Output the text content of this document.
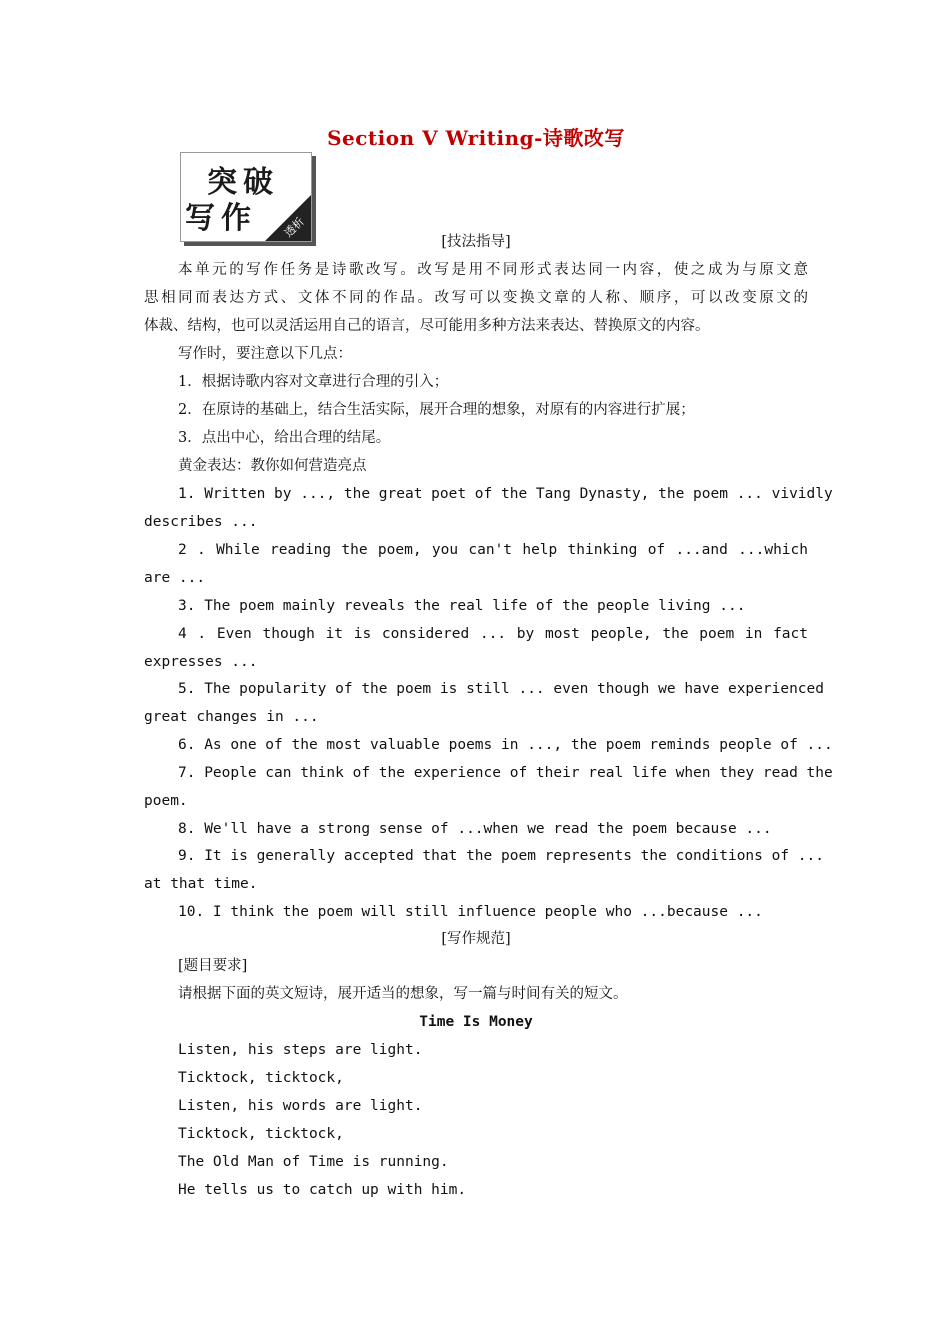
Section Ⅴ Writing-诗歌改写
突破
写作 透析
[技法指导]
本单元的写作任务是诗歌改写。改写是用不同形式表达同一内容，使之成为与原文意
思相同而表达方式、文体不同的作品。改写可以变换文章的人称、顺序，可以改变原文的
体裁、结构，也可以灵活运用自己的语言，尽可能用多种方法来表达、替换原文的内容。
写作时，要注意以下几点：
1．根据诗歌内容对文章进行合理的引入；
2．在原诗的基础上，结合生活实际，展开合理的想象，对原有的内容进行扩展；
3．点出中心，给出合理的结尾。
黄金表达：教你如何营造亮点
1. Written by ..., the great poet of the Tang Dynasty, the poem ... vividly
describes ...
2 . While reading the poem, you can't help thinking of ...and ...which
are ...
3. The poem mainly reveals the real life of the people living ...
4 . Even though it is considered ... by most people, the poem in fact
expresses ...
5. The popularity of the poem is still ... even though we have experienced
great changes in ...
6. As one of the most valuable poems in ..., the poem reminds people of ...
7. People can think of the experience of their real life when they read the
poem.
8. We'll have a strong sense of ...when we read the poem because ...
9. It is generally accepted that the poem represents the conditions of ...
at that time.
10. I think the poem will still influence people who ...because ...
[写作规范]
[题目要求]
请根据下面的英文短诗，展开适当的想象，写一篇与时间有关的短文。
Time Is Money
Listen, his steps are light.
Ticktock, ticktock,
Listen, his words are light.
Ticktock, ticktock,
The Old Man of Time is running.
He tells us to catch up with him.
